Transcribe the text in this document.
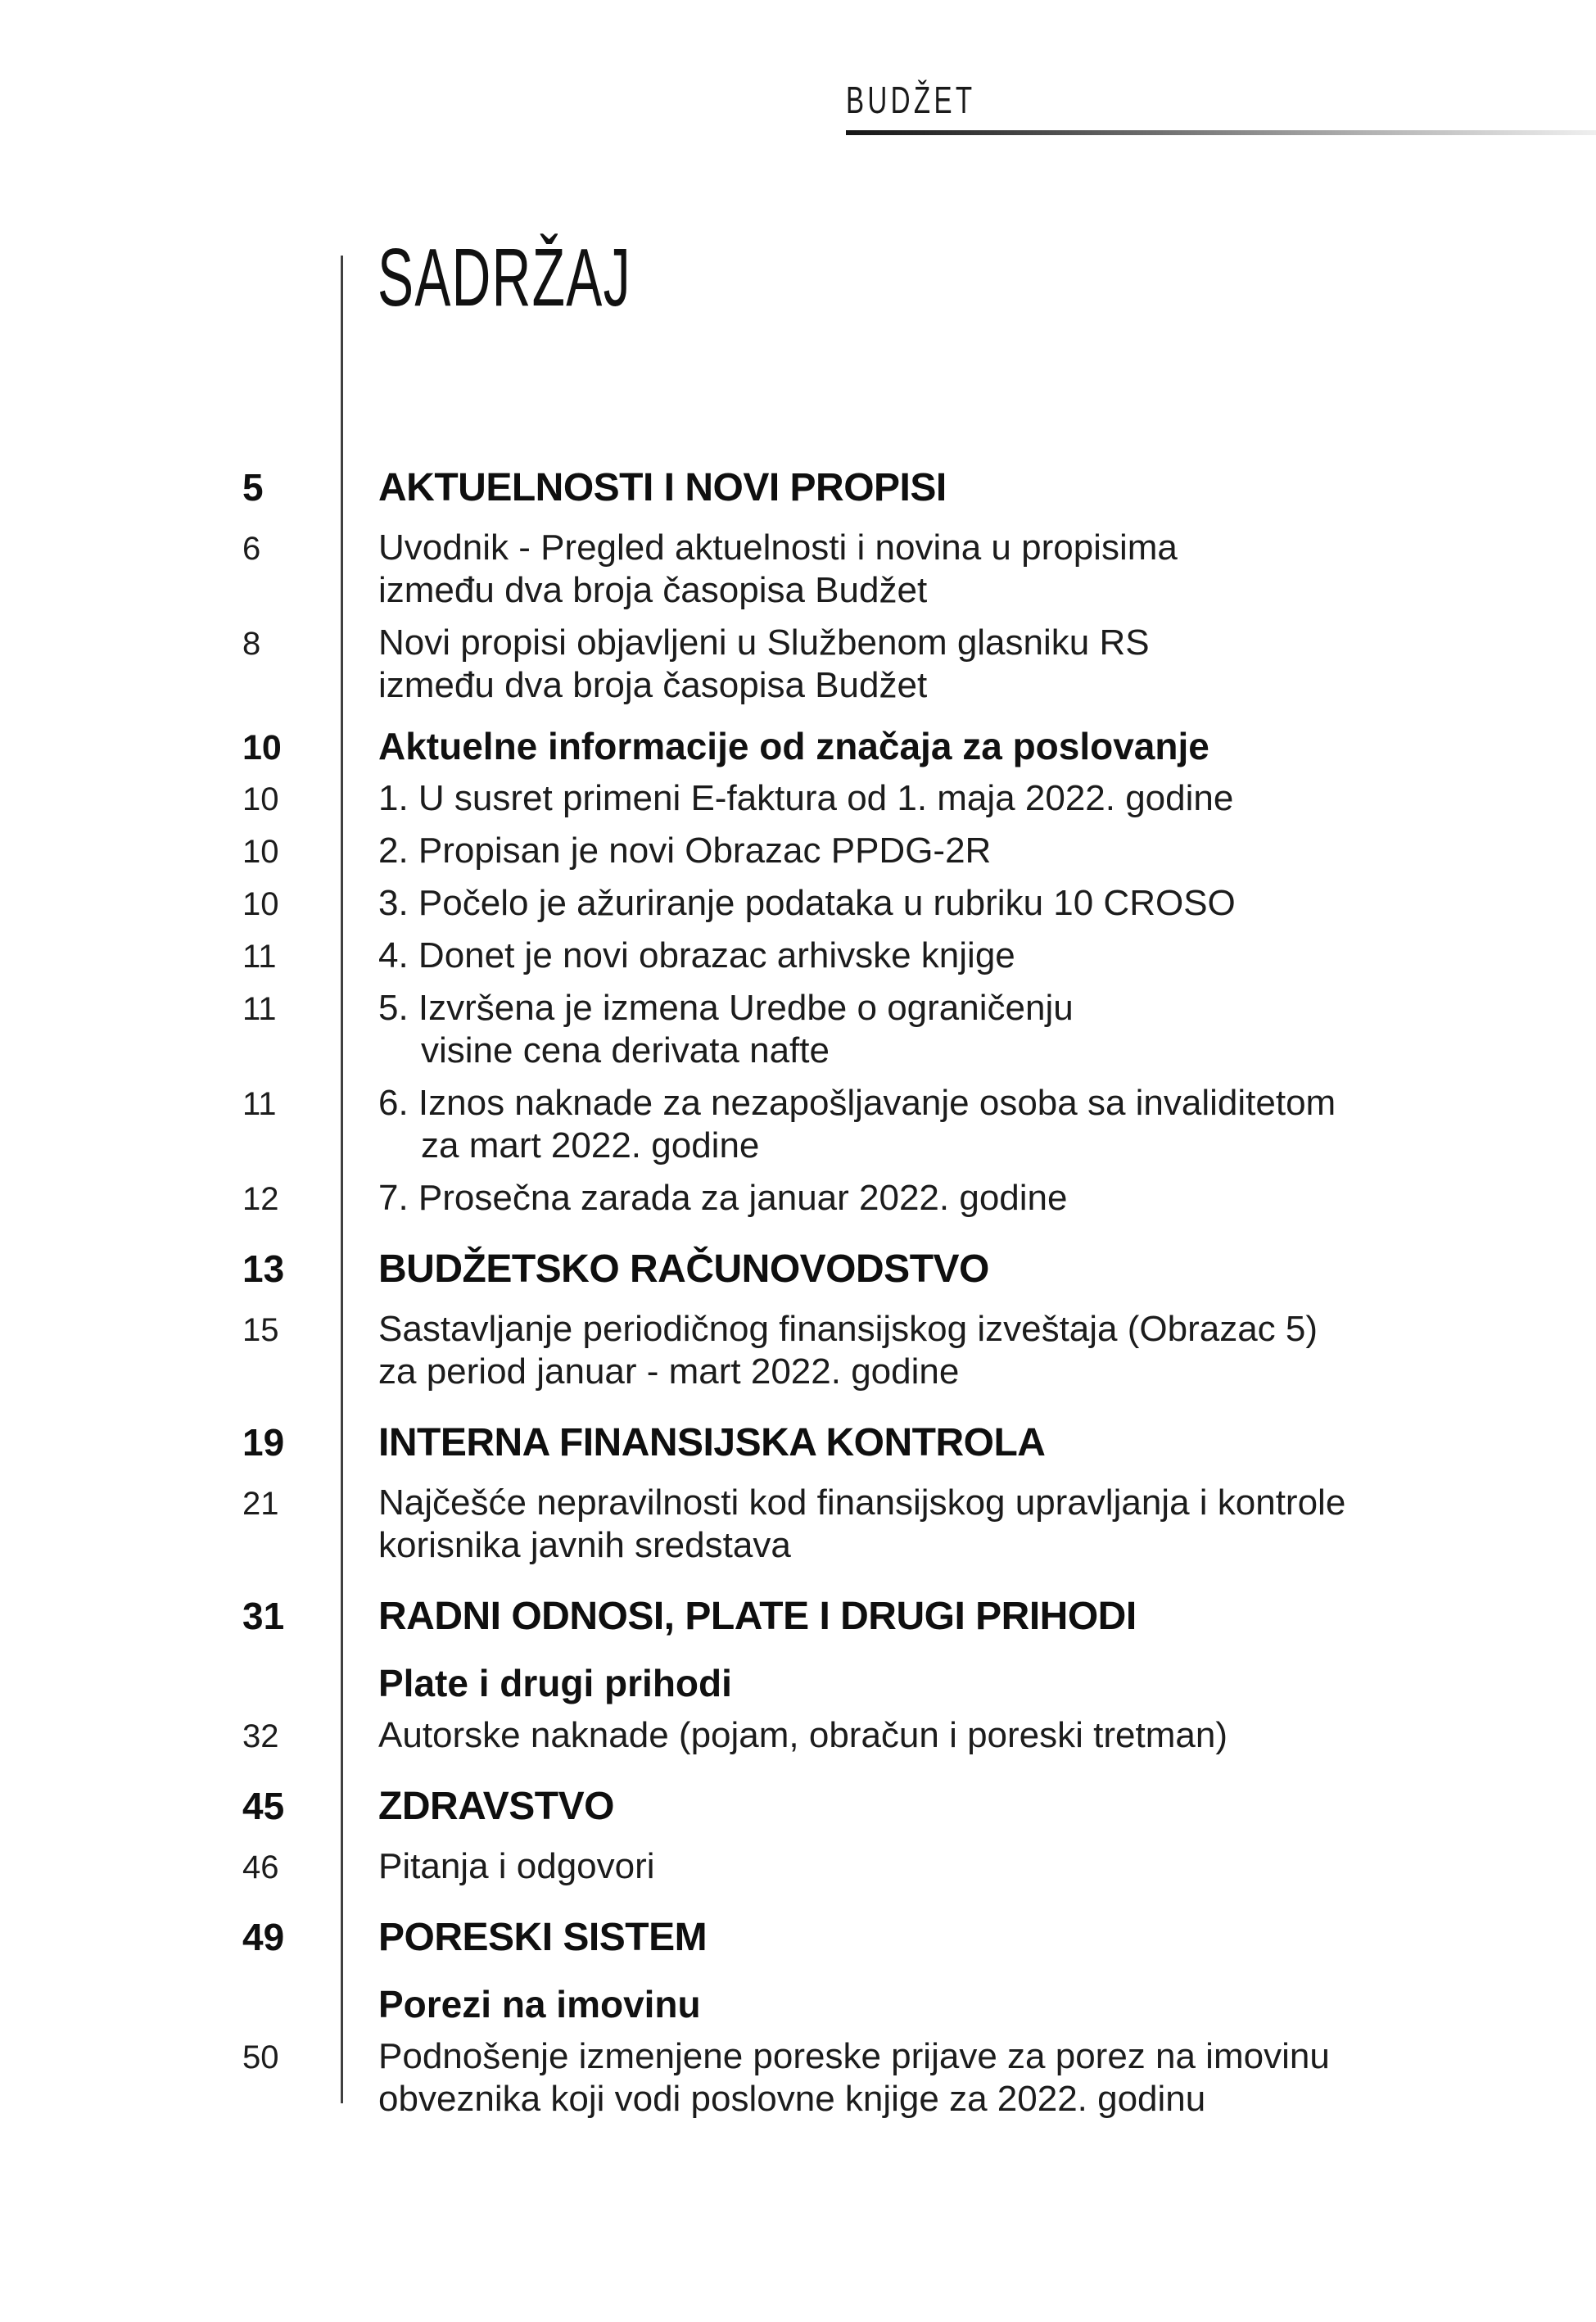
BUDŽET
SADRŽAJ
5	AKTUELNOSTI I NOVI PROPISI
6	Uvodnik - Pregled aktuelnosti i novina u propisima
između dva broja časopisa Budžet
8	Novi propisi objavljeni u Službenom glasniku RS
između dva broja časopisa Budžet
10	Aktuelne informacije od značaja za poslovanje
10	1. U susret primeni E-faktura od 1. maja 2022. godine
10	2. Propisan je novi Obrazac PPDG-2R
10	3. Počelo je ažuriranje podataka u rubriku 10 CROSO
11	4. Donet je novi obrazac arhivske knjige
11	5. Izvršena je izmena Uredbe o ograničenju
visine cena derivata nafte
11	6. Iznos naknade za nezapošljavanje osoba sa invaliditetom
za mart 2022. godine
12	7. Prosečna zarada za januar 2022. godine
13	BUDŽETSKO RAČUNOVODSTVO
15	Sastavljanje periodičnog finansijskog izveštaja (Obrazac 5)
za period januar - mart 2022. godine
19	INTERNA FINANSIJSKA KONTROLA
21	Najčešće nepravilnosti kod finansijskog upravljanja i kontrole
korisnika javnih sredstava
31	RADNI ODNOSI, PLATE I DRUGI PRIHODI
Plate i drugi prihodi
32	Autorske naknade (pojam, obračun i poreski tretman)
45	ZDRAVSTVO
46	Pitanja i odgovori
49	PORESKI SISTEM
Porezi na imovinu
50	Podnošenje izmenjene poreske prijave za porez na imovinu
obveznika koji vodi poslovne knjige za 2022. godinu
